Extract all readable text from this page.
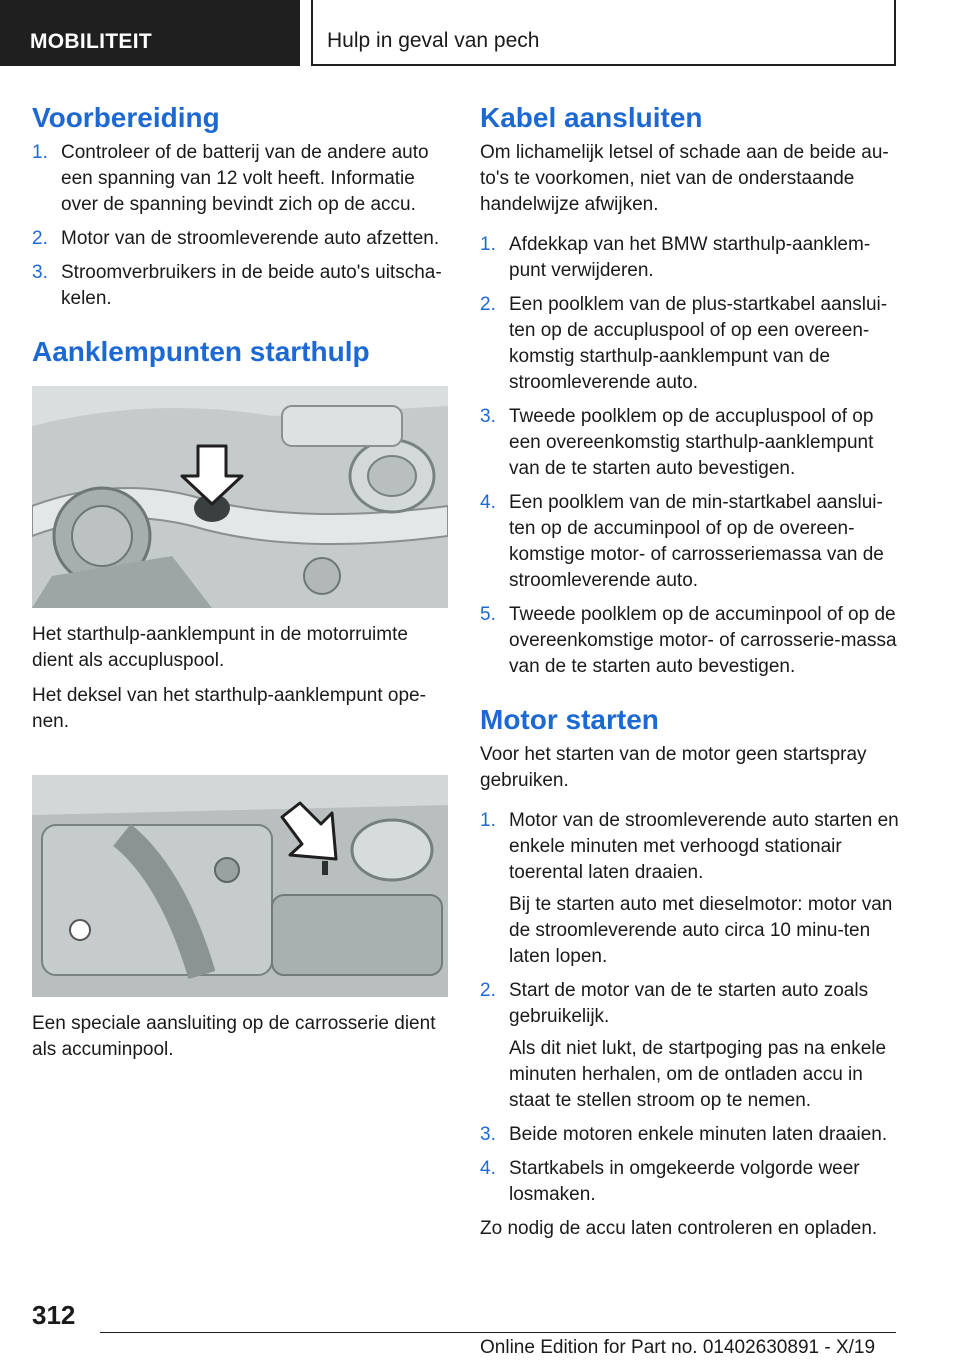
MOBILITEIT	Hulp in geval van pech
Voorbereiding
1. Controleer of de batterij van de andere auto een spanning van 12 volt heeft. Informatie over de spanning bevindt zich op de accu.
2. Motor van de stroomleverende auto afzetten.
3. Stroomverbruikers in de beide auto's uitscha-kelen.
Aanklempunten starthulp

Het starthulp-aanklempunt in de motorruimte dient als accupluspool.

Het deksel van het starthulp-aanklempunt ope-nen.

Een speciale aansluiting op de carrosserie dient als accuminpool.

Kabel aansluiten

Om lichamelijk letsel of schade aan de beide au-to's te voorkomen, niet van de onderstaande handelwijze afwijken.

1. Afdekkap van het BMW starthulp-aanklem-punt verwijderen.
2. Een poolklem van de plus-startkabel aanslui-ten op de accupluspool of op een overeen-komstig starthulp-aanklempunt van de stroomleverende auto.
3. Tweede poolklem op de accupluspool of op een overeenkomstig starthulp-aanklempunt van de te starten auto bevestigen.
4. Een poolklem van de min-startkabel aanslui-ten op de accuminpool of op de overeen-komstige motor- of carrosseriemassa van de stroomleverende auto.
5. Tweede poolklem op de accuminpool of op de overeenkomstige motor- of carrosserie-massa van de te starten auto bevestigen.
Motor starten

Voor het starten van de motor geen startspray gebruiken.

1. Motor van de stroomleverende auto starten en enkele minuten met verhoogd stationair toerental laten draaien.
Bij te starten auto met dieselmotor: motor van de stroomleverende auto circa 10 minu-ten laten lopen.
2. Start de motor van de te starten auto zoals gebruikelijk.
Als dit niet lukt, de startpoging pas na enkele minuten herhalen, om de ontladen accu in staat te stellen stroom op te nemen.
3. Beide motoren enkele minuten laten draaien.
4. Startkabels in omgekeerde volgorde weer losmaken.

Zo nodig de accu laten controleren en opladen.

312
Online Edition for Part no. 01402630891 - X/19
